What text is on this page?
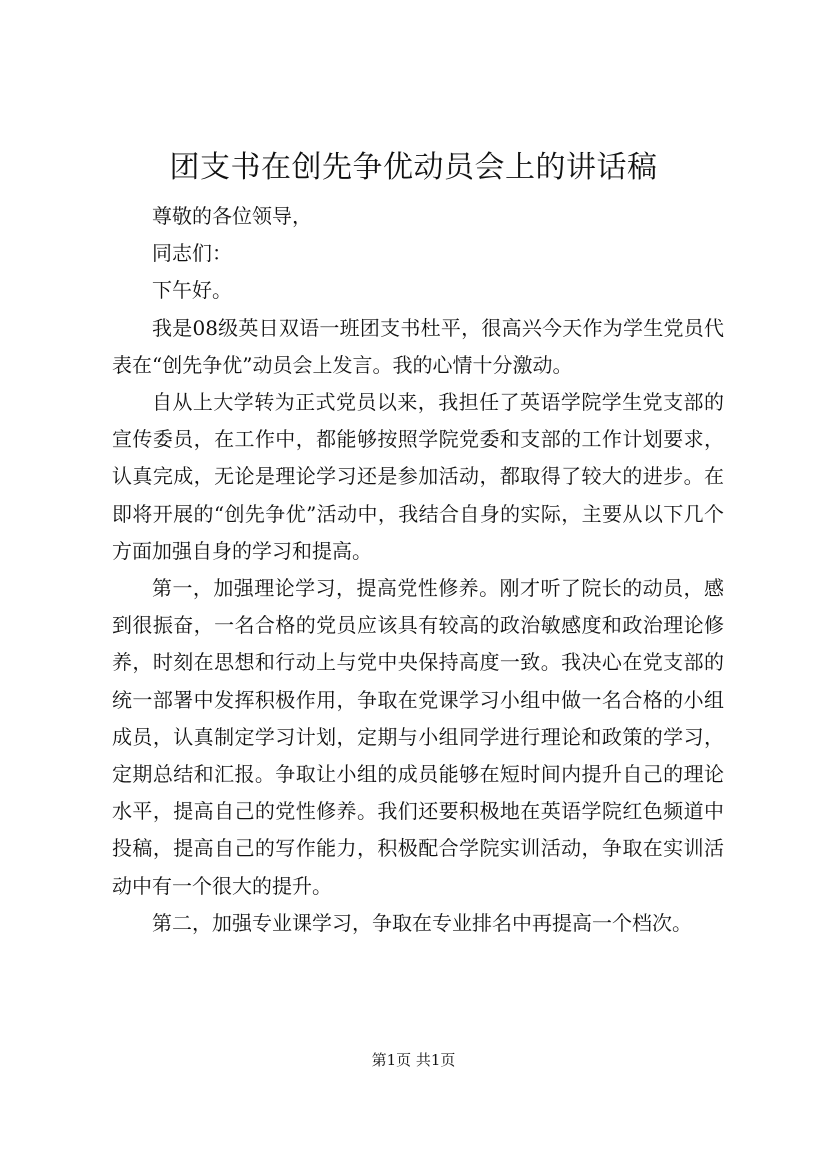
团支书在创先争优动员会上的讲话稿

尊敬的各位领导，

同志们：

下午好。

我是08级英日双语一班团支书杜平，很高兴今天作为学生党员代表在“创先争优”动员会上发言。我的心情十分激动。

自从上大学转为正式党员以来，我担任了英语学院学生党支部的宣传委员，在工作中，都能够按照学院党委和支部的工作计划要求，认真完成，无论是理论学习还是参加活动，都取得了较大的进步。在即将开展的“创先争优”活动中，我结合自身的实际，主要从以下几个方面加强自身的学习和提高。

第一，加强理论学习，提高党性修养。刚才听了院长的动员，感到很振奋，一名合格的党员应该具有较高的政治敏感度和政治理论修养，时刻在思想和行动上与党中央保持高度一致。我决心在党支部的统一部署中发挥积极作用，争取在党课学习小组中做一名合格的小组成员，认真制定学习计划，定期与小组同学进行理论和政策的学习，定期总结和汇报。争取让小组的成员能够在短时间内提升自己的理论水平，提高自己的党性修养。我们还要积极地在英语学院红色频道中投稿，提高自己的写作能力，积极配合学院实训活动，争取在实训活动中有一个很大的提升。

第二，加强专业课学习，争取在专业排名中再提高一个档次。

第1页 共1页
